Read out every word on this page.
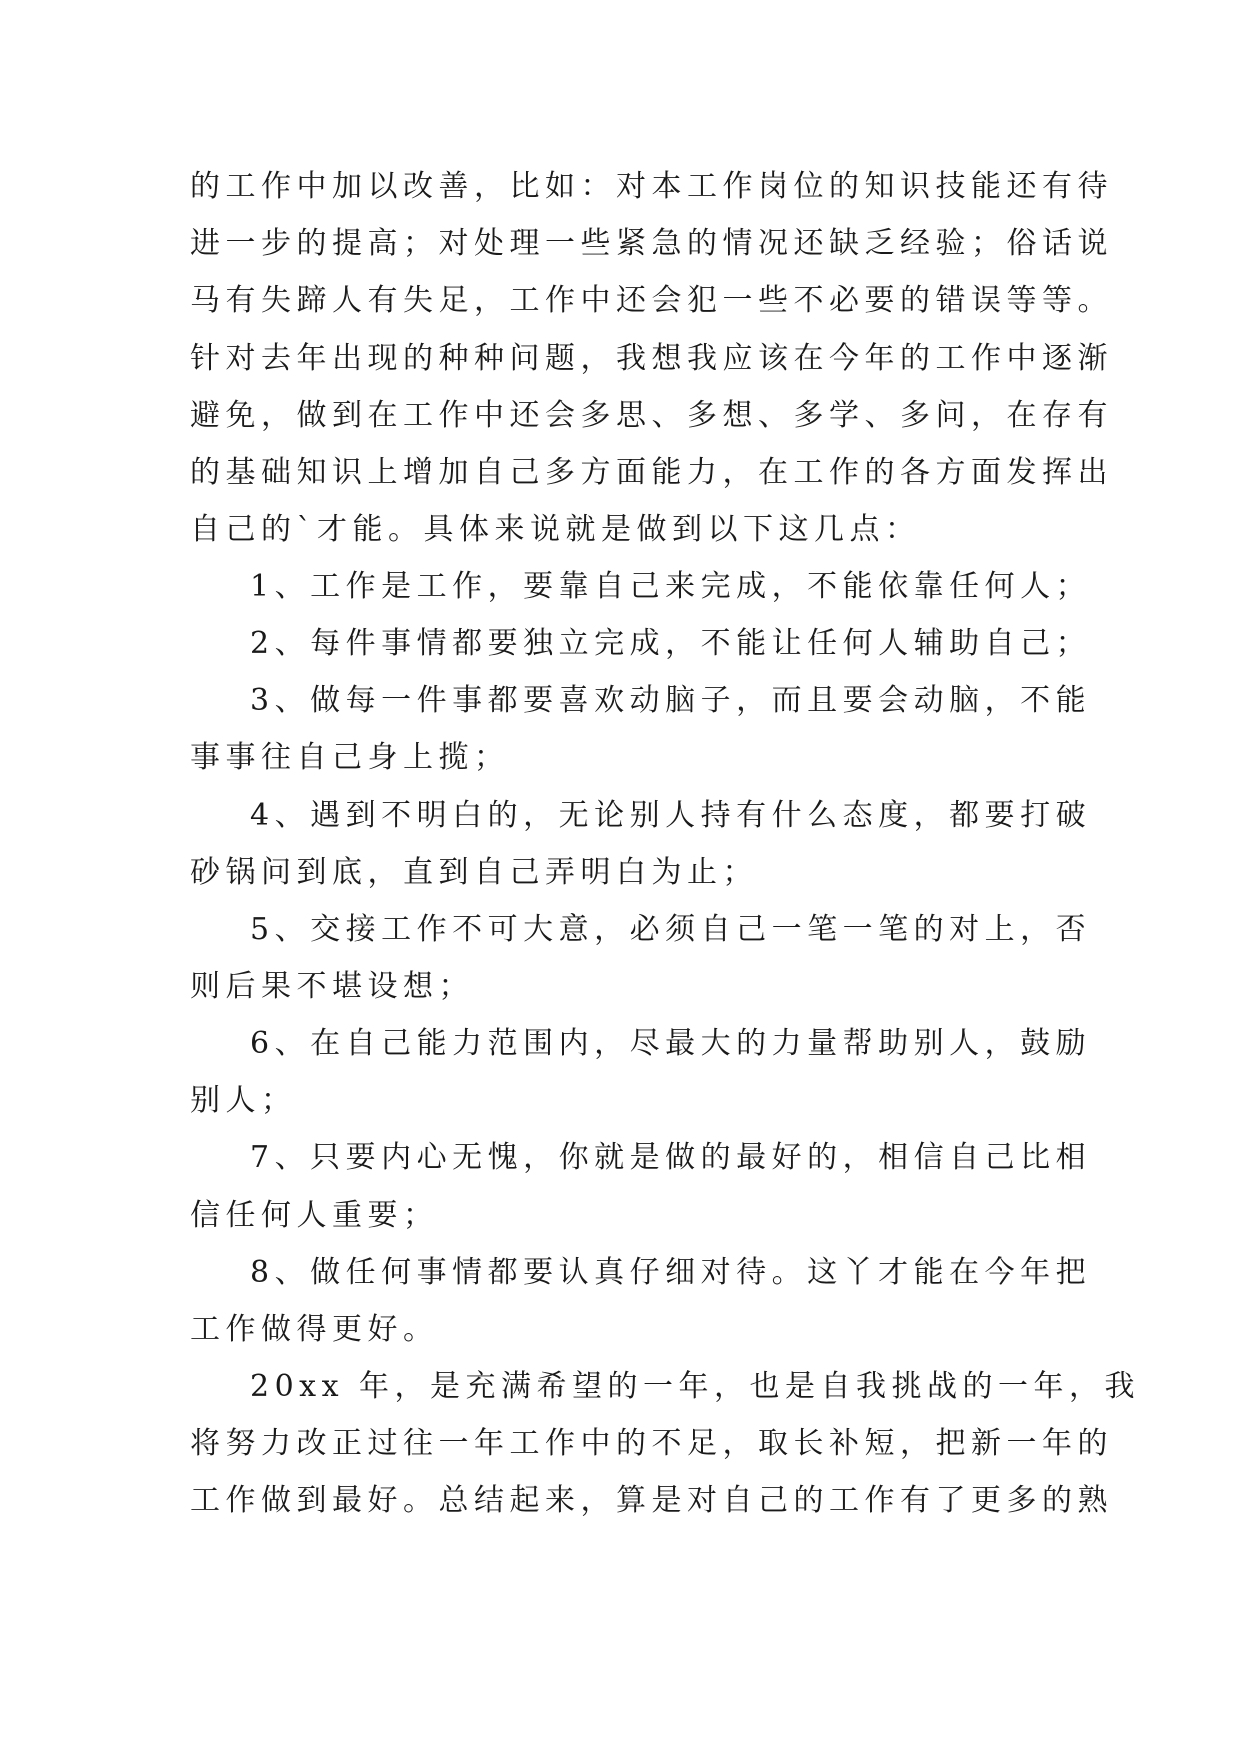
的工作中加以改善，比如：对本工作岗位的知识技能还有待
进一步的提高；对处理一些紧急的情况还缺乏经验；俗话说
马有失蹄人有失足，工作中还会犯一些不必要的错误等等。
针对去年出现的种种问题，我想我应该在今年的工作中逐渐
避免，做到在工作中还会多思、多想、多学、多问，在存有
的基础知识上增加自己多方面能力，在工作的各方面发挥出
自己的`才能。具体来说就是做到以下这几点：
1、工作是工作，要靠自己来完成，不能依靠任何人；
2、每件事情都要独立完成，不能让任何人辅助自己；
3、做每一件事都要喜欢动脑子，而且要会动脑，不能
事事往自己身上揽；
4、遇到不明白的，无论别人持有什么态度，都要打破
砂锅问到底，直到自己弄明白为止；
5、交接工作不可大意，必须自己一笔一笔的对上，否
则后果不堪设想；
6、在自己能力范围内，尽最大的力量帮助别人，鼓励
别人；
7、只要内心无愧，你就是做的最好的，相信自己比相
信任何人重要；
8、做任何事情都要认真仔细对待。这丫才能在今年把
工作做得更好。
20xx 年，是充满希望的一年，也是自我挑战的一年，我
将努力改正过往一年工作中的不足，取长补短，把新一年的
工作做到最好。总结起来，算是对自己的工作有了更多的熟
